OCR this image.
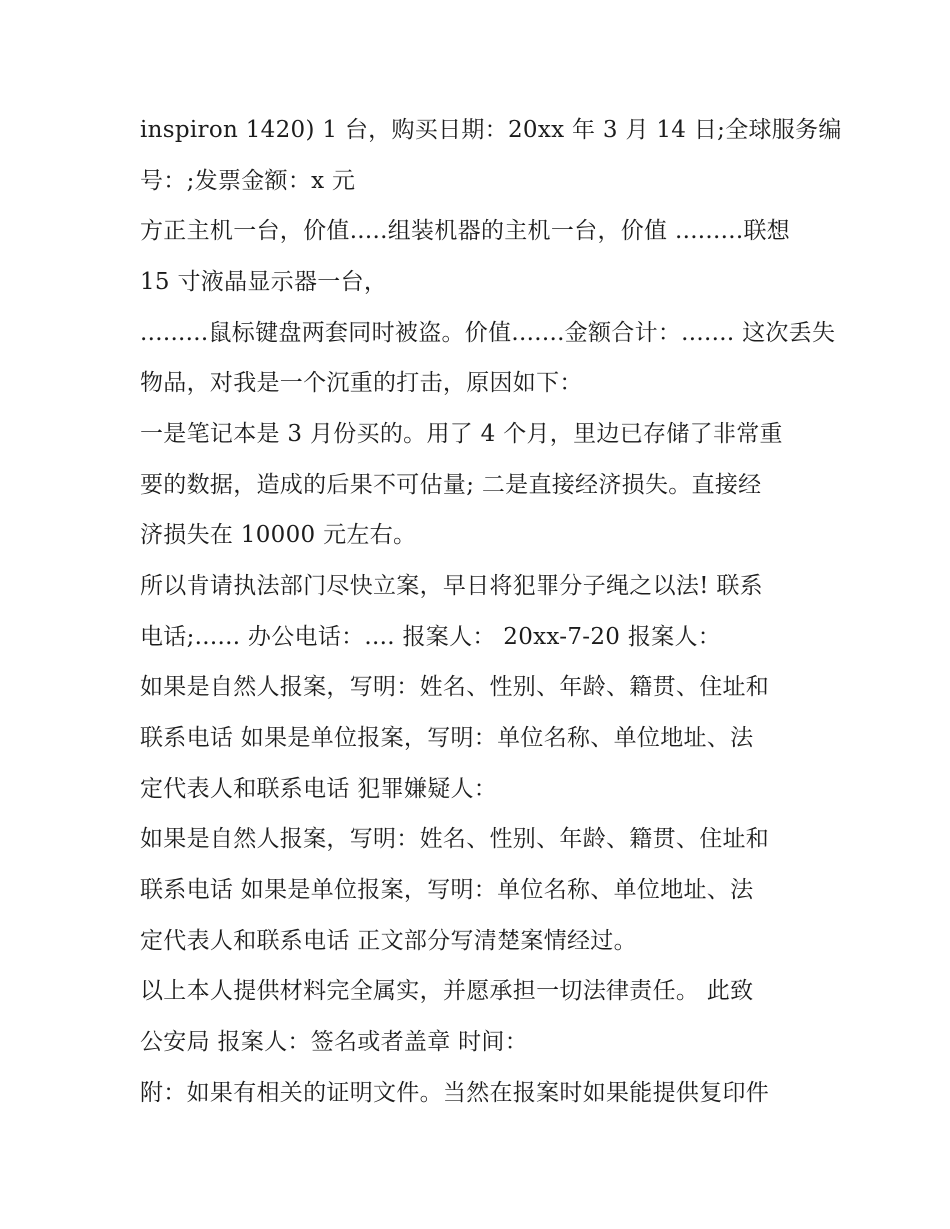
inspiron 1420) 1 台，购买日期：20xx 年 3 月 14 日;全球服务编
号：;发票金额：x 元
方正主机一台，价值.....组装机器的主机一台，价值 .........联想
15 寸液晶显示器一台，
.........鼠标键盘两套同时被盗。价值.......金额合计：....... 这次丢失
物品，对我是一个沉重的打击，原因如下：
一是笔记本是 3 月份买的。用了 4 个月，里边已存储了非常重
要的数据，造成的后果不可估量; 二是直接经济损失。直接经
济损失在 10000 元左右。
所以肯请执法部门尽快立案，早日将犯罪分子绳之以法! 联系
电话;...... 办公电话：.... 报案人： 20xx-7-20 报案人：
如果是自然人报案，写明：姓名、性别、年龄、籍贯、住址和
联系电话 如果是单位报案，写明：单位名称、单位地址、法
定代表人和联系电话 犯罪嫌疑人：
如果是自然人报案，写明：姓名、性别、年龄、籍贯、住址和
联系电话 如果是单位报案，写明：单位名称、单位地址、法
定代表人和联系电话 正文部分写清楚案情经过。
以上本人提供材料完全属实，并愿承担一切法律责任。 此致
公安局 报案人：签名或者盖章 时间：
附：如果有相关的证明文件。当然在报案时如果能提供复印件
